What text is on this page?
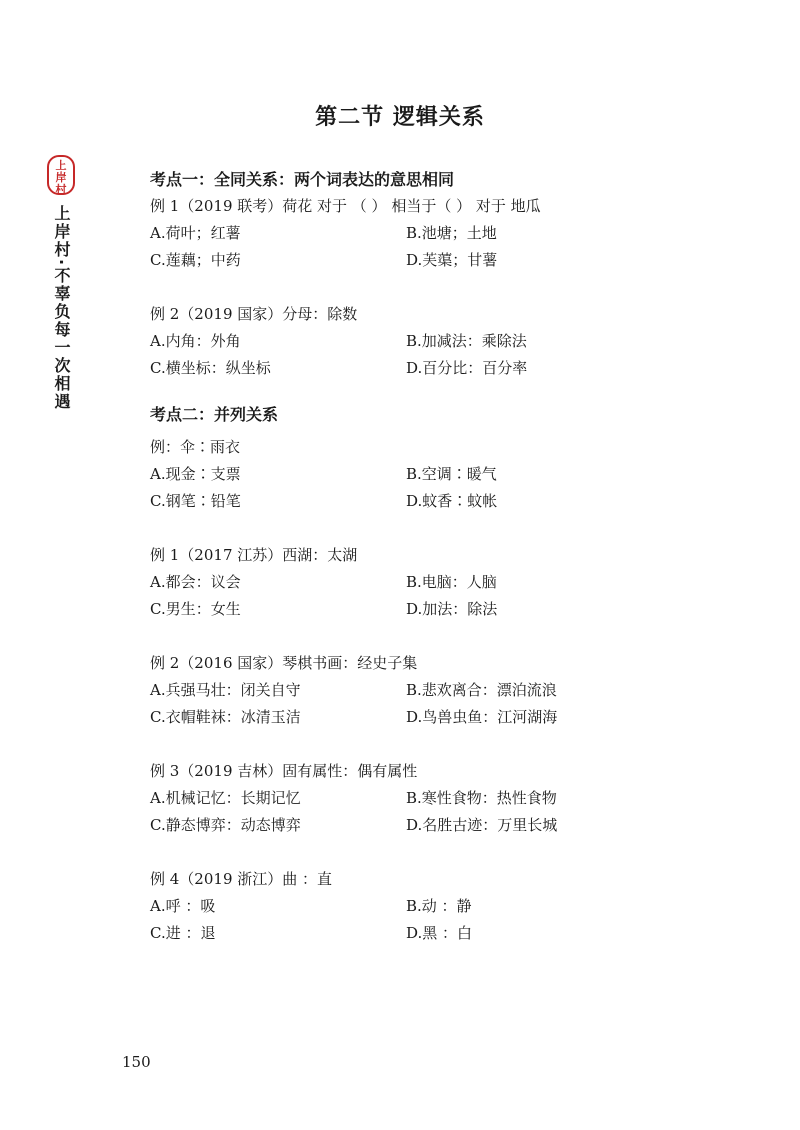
第二节 逻辑关系
上
岸
村
上岸村·不辜负每一次相遇
考点一：全同关系：两个词表达的意思相同
例 1（2019 联考）荷花 对于 （ ） 相当于（ ） 对于 地瓜
A.荷叶；红薯	B.池塘；土地
C.莲藕；中药	D.芙蕖；甘薯
例 2（2019 国家）分母：除数
A.内角：外角	B.加减法：乘除法
C.横坐标：纵坐标	D.百分比：百分率
考点二：并列关系
例：伞∶雨衣
A.现金∶支票	B.空调∶暖气
C.钢笔∶铅笔	D.蚊香∶蚊帐
例 1（2017 江苏）西湖：太湖
A.都会：议会	B.电脑：人脑
C.男生：女生	D.加法：除法
例 2（2016 国家）琴棋书画：经史子集
A.兵强马壮：闭关自守	B.悲欢离合：漂泊流浪
C.衣帽鞋袜：冰清玉洁	D.鸟兽虫鱼：江河湖海
例 3（2019 吉林）固有属性：偶有属性
A.机械记忆：长期记忆	B.寒性食物：热性食物
C.静态博弈：动态博弈	D.名胜古迹：万里长城
例 4（2019 浙江）曲 ：直
A.呼 ：吸	B.动 ：静
C.进 ：退	D.黑 ：白
150
